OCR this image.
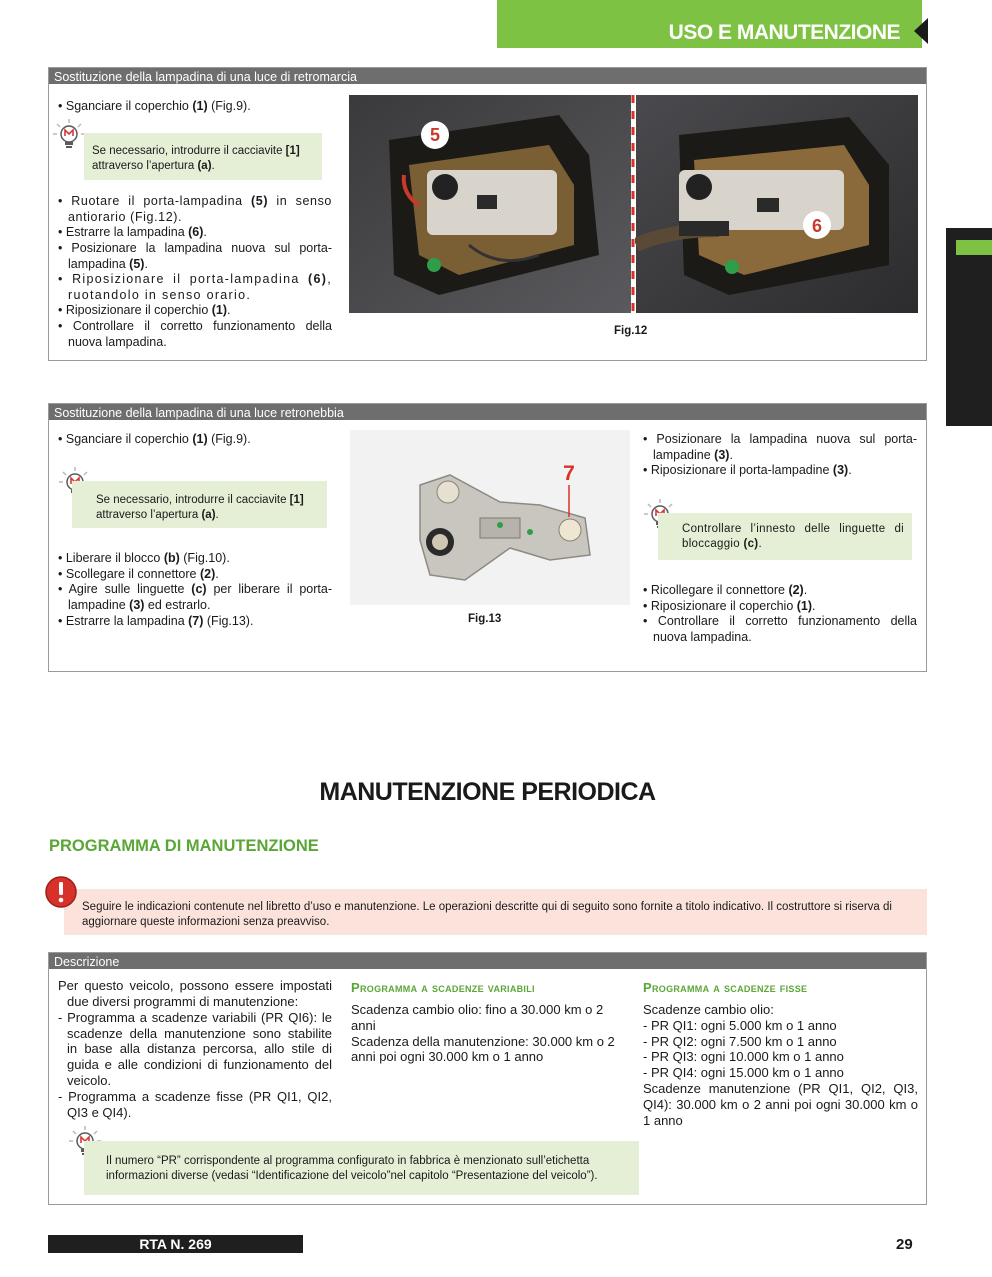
USO E MANUTENZIONE
Sostituzione della lampadina di una luce di retromarcia
• Sganciare il coperchio (1) (Fig.9).
Se necessario, introdurre il cacciavite [1] attraverso l’apertura (a).
• Ruotare il porta-lampadina (5) in senso antiorario (Fig.12).
• Estrarre la lampadina (6).
• Posizionare la lampadina nuova sul porta-lampadina (5).
• Riposizionare il porta-lampadina (6), ruotandolo in senso orario.
• Riposizionare il coperchio (1).
• Controllare il corretto funzionamento della nuova lampadina.
5
6
Fig.12
Sostituzione della lampadina di una luce retronebbia
• Sganciare il coperchio (1) (Fig.9).
Se necessario, introdurre il cacciavite [1] attraverso l’apertura (a).
• Liberare il blocco (b) (Fig.10).
• Scollegare il connettore (2).
• Agire sulle linguette (c) per liberare il porta-lampadine (3) ed estrarlo.
• Estrarre la lampadina (7) (Fig.13).
7
Fig.13
• Posizionare la lampadina nuova sul porta-lampadine (3).
• Riposizionare il porta-lampadine (3).
Controllare l’innesto delle linguette di bloccaggio (c).
• Ricollegare il connettore (2).
• Riposizionare il coperchio (1).
• Controllare il corretto funzionamento della nuova lampadina.
MANUTENZIONE PERIODICA
PROGRAMMA DI MANUTENZIONE
Seguire le indicazioni contenute nel libretto d’uso e manutenzione. Le operazioni descritte qui di seguito sono fornite a titolo indicativo. Il costruttore si riserva di aggiornare queste informazioni senza preavviso.
Descrizione

Per questo veicolo, possono essere impostati due diversi programmi di manutenzione:

- Programma a scadenze variabili (PR QI6): le scadenze della manutenzione sono stabilite in base alla distanza percorsa, allo stile di guida e alle condizioni di funzionamento del veicolo.

- Programma a scadenze fisse (PR QI1, QI2, QI3 e QI4).

Programma a scadenze variabili

Scadenza cambio olio: fino a 30.000 km o 2 anni

Scadenza della manutenzione: 30.000 km o 2 anni poi ogni 30.000 km o 1 anno

Programma a scadenze fisse

Scadenze cambio olio:

- PR QI1: ogni 5.000 km o 1 anno

- PR QI2: ogni 7.500 km o 1 anno

- PR QI3: ogni 10.000 km o 1 anno

- PR QI4: ogni 15.000 km o 1 anno

Scadenze manutenzione (PR QI1, QI2, QI3, QI4): 30.000 km o 2 anni poi ogni 30.000 km o 1 anno

Il numero “PR” corrispondente al programma configurato in fabbrica è menzionato sull’etichetta informazioni diverse (vedasi “Identificazione del veicolo”nel capitolo “Presentazione del veicolo”).
RTA N. 269	29
